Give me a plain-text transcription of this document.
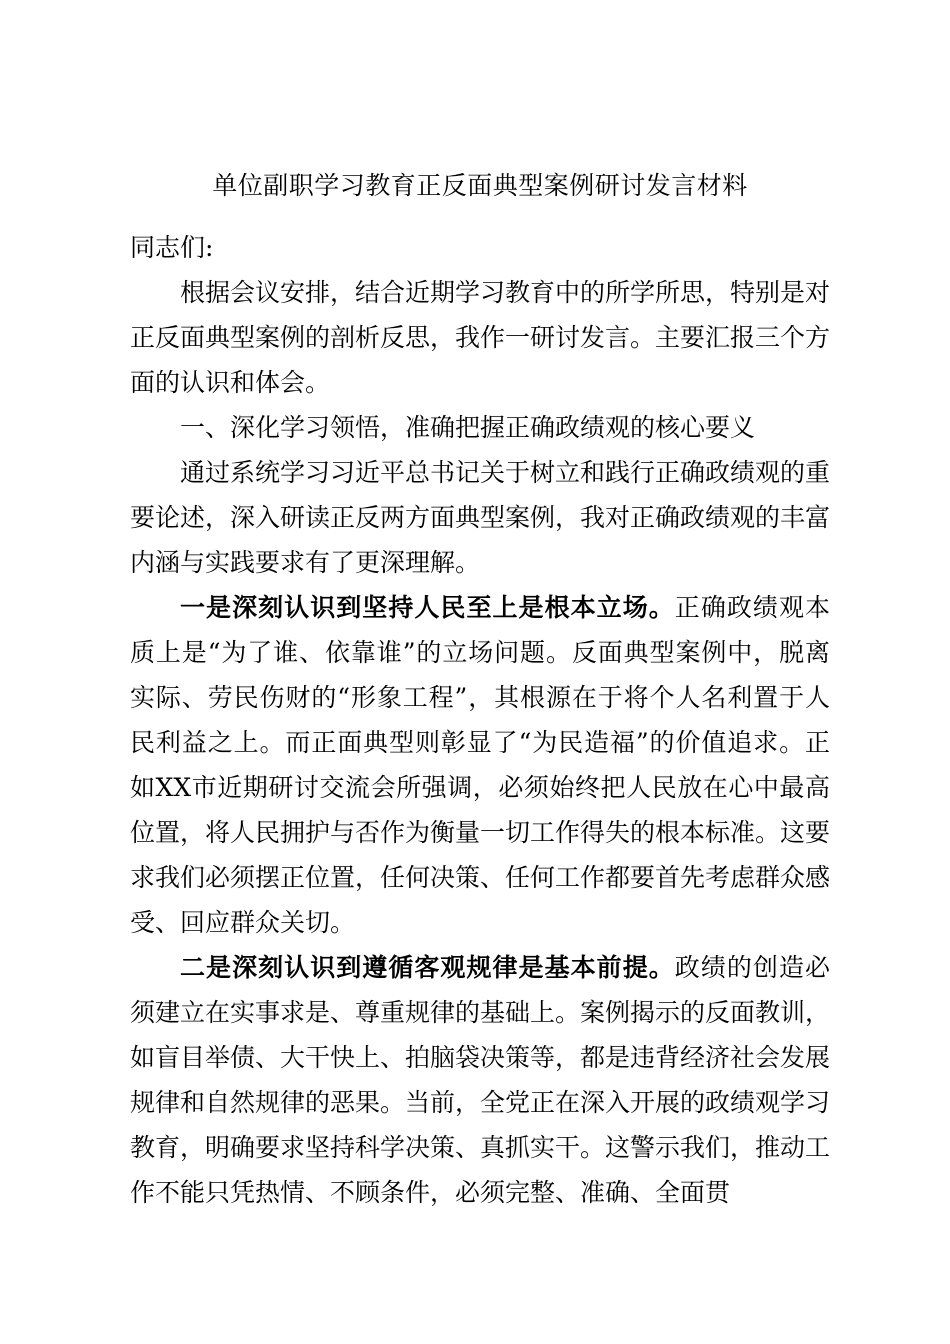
单位副职学习教育正反面典型案例研讨发言材料

同志们:

根据会议安排，结合近期学习教育中的所学所思，特别是对正反面典型案例的剖析反思，我作一研讨发言。主要汇报三个方面的认识和体会。

一、深化学习领悟，准确把握正确政绩观的核心要义

通过系统学习习近平总书记关于树立和践行正确政绩观的重要论述，深入研读正反两方面典型案例，我对正确政绩观的丰富内涵与实践要求有了更深理解。

一是深刻认识到坚持人民至上是根本立场。正确政绩观本质上是“为了谁、依靠谁”的立场问题。反面典型案例中，脱离实际、劳民伤财的“形象工程”，其根源在于将个人名利置于人民利益之上。而正面典型则彰显了“为民造福”的价值追求。正如XX市近期研讨交流会所强调，必须始终把人民放在心中最高位置，将人民拥护与否作为衡量一切工作得失的根本标准。这要求我们必须摆正位置，任何决策、任何工作都要首先考虑群众感受、回应群众关切。

二是深刻认识到遵循客观规律是基本前提。政绩的创造必须建立在实事求是、尊重规律的基础上。案例揭示的反面教训，如盲目举债、大干快上、拍脑袋决策等，都是违背经济社会发展规律和自然规律的恶果。当前，全党正在深入开展的政绩观学习教育，明确要求坚持科学决策、真抓实干。这警示我们，推动工作不能只凭热情、不顾条件，必须完整、准确、全面贯
